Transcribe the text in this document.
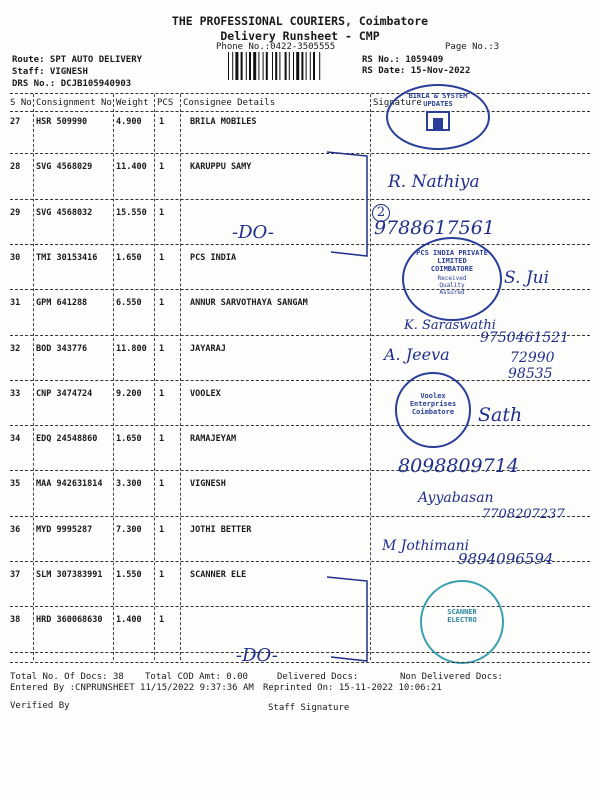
THE PROFESSIONAL COURIERS, Coimbatore
Delivery Runsheet - CMP
Phone No.:0422-3505555	Page No.:3
Route: SPT AUTO DELIVERY
Staff: VIGNESH
DRS No.: DCJB105940903
RS No.: 1059409
RS Date: 15-Nov-2022
S No Consignment No Weight PCS Consignee Details	Signature
27 HSR 509990	4.900 1	BRILA MOBILES
28 SVG 4568029	11.400 1	KARUPPU SAMY
29 SVG 4568032	15.550 1
30 TMI 30153416 1.650 1	PCS INDIA
31 GPM 641288	6.550 1	ANNUR SARVOTHAYA SANGAM
32 BOD 343776	11.800 1	JAYARAJ
33 CNP 3474724	9.200 1	VOOLEX
34 EDQ 24548860 1.650 1	RAMAJEYAM
35 MAA 942631814 3.300 1	VIGNESH
36 MYD 9995287	7.300 1	JOTHI BETTER
37 SLM 307383991 1.550 1	SCANNER ELE
38 HRD 360068630 1.400 1
BIRLA & SYSTEM UPDATES
PCS INDIA PRIVATE LIMITED COIMBATORE
Received Quality Assured
Voolex Enterprises Coimbatore
SCANNER ELECTRO
R. Nathiya
-DO-
2
9788617561
S. Jui
K. Saraswathi
9750461521
A. Jeeva	72990
98535
Sath
8098809714
Ayyabasan
7708207237
M Jothimani
9894096594
-DO-
Total No. Of Docs: 38 Total COD Amt: 0.00	Delivered Docs:	Non Delivered Docs:
Entered By :CNPRUNSHEET 11/15/2022 9:37:36 AM Reprinted On: 15-11-2022 10:06:21
Verified By	Staff Signature
